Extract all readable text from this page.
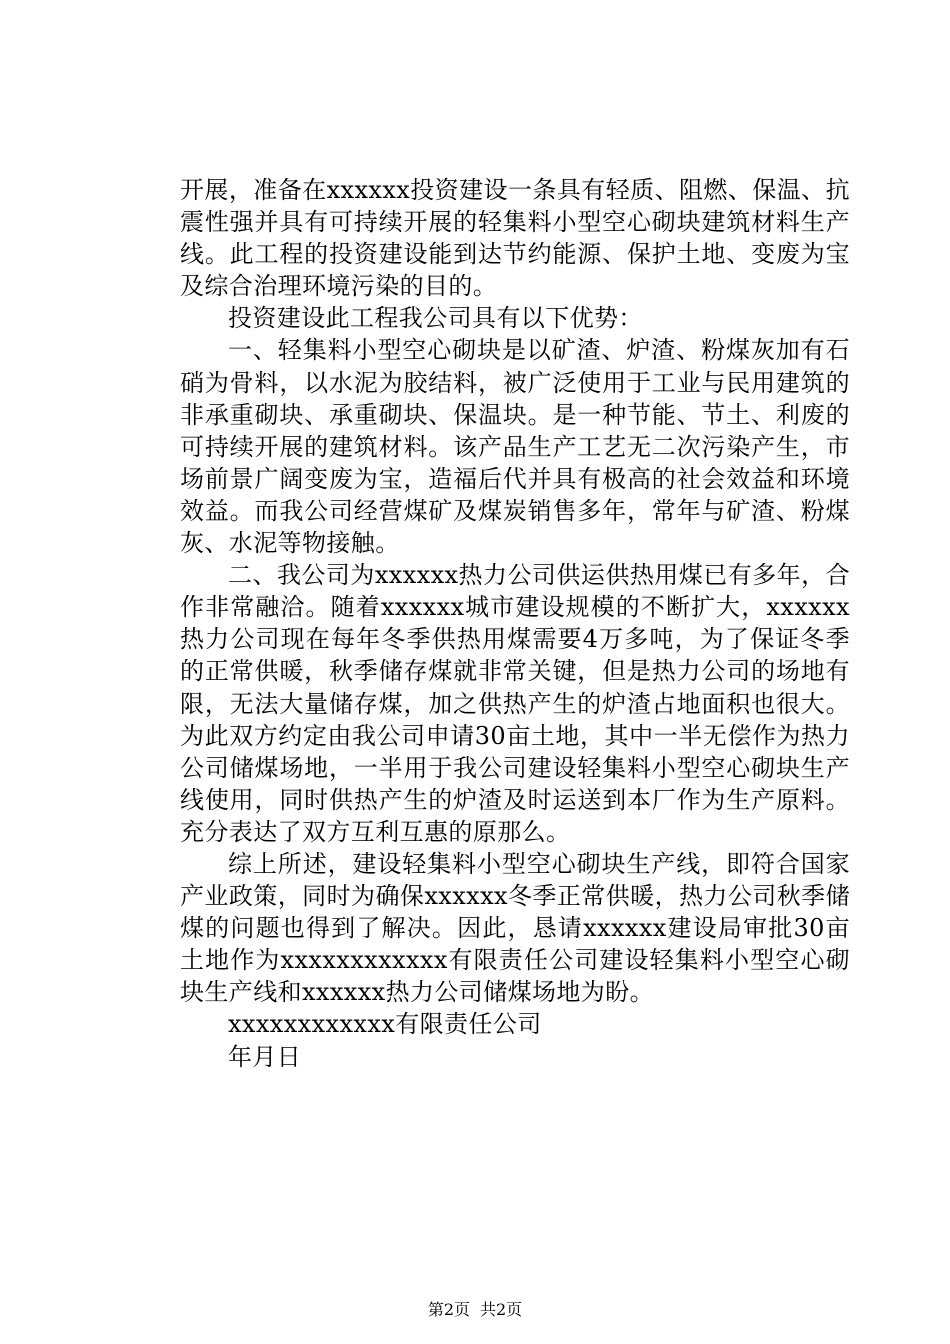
开展，准备在xxxxxx投资建设一条具有轻质、阻燃、保温、抗震性强并具有可持续开展的轻集料小型空心砌块建筑材料生产线。此工程的投资建设能到达节约能源、保护土地、变废为宝及综合治理环境污染的目的。

投资建设此工程我公司具有以下优势：

一、轻集料小型空心砌块是以矿渣、炉渣、粉煤灰加有石硝为骨料，以水泥为胶结料，被广泛使用于工业与民用建筑的非承重砌块、承重砌块、保温块。是一种节能、节土、利废的可持续开展的建筑材料。该产品生产工艺无二次污染产生，市场前景广阔变废为宝，造福后代并具有极高的社会效益和环境效益。而我公司经营煤矿及煤炭销售多年，常年与矿渣、粉煤灰、水泥等物接触。

二、我公司为xxxxxx热力公司供运供热用煤已有多年，合作非常融洽。随着xxxxxx城市建设规模的不断扩大，xxxxxx热力公司现在每年冬季供热用煤需要4万多吨，为了保证冬季的正常供暖，秋季储存煤就非常关键，但是热力公司的场地有限，无法大量储存煤，加之供热产生的炉渣占地面积也很大。为此双方约定由我公司申请30亩土地，其中一半无偿作为热力公司储煤场地，一半用于我公司建设轻集料小型空心砌块生产线使用，同时供热产生的炉渣及时运送到本厂作为生产原料。充分表达了双方互利互惠的原那么。

综上所述，建设轻集料小型空心砌块生产线，即符合国家产业政策，同时为确保xxxxxx冬季正常供暖，热力公司秋季储煤的问题也得到了解决。因此，恳请xxxxxx建设局审批30亩土地作为xxxxxxxxxxxx有限责任公司建设轻集料小型空心砌块生产线和xxxxxx热力公司储煤场地为盼。

xxxxxxxxxxxx有限责任公司

年月日

第2页 共2页
